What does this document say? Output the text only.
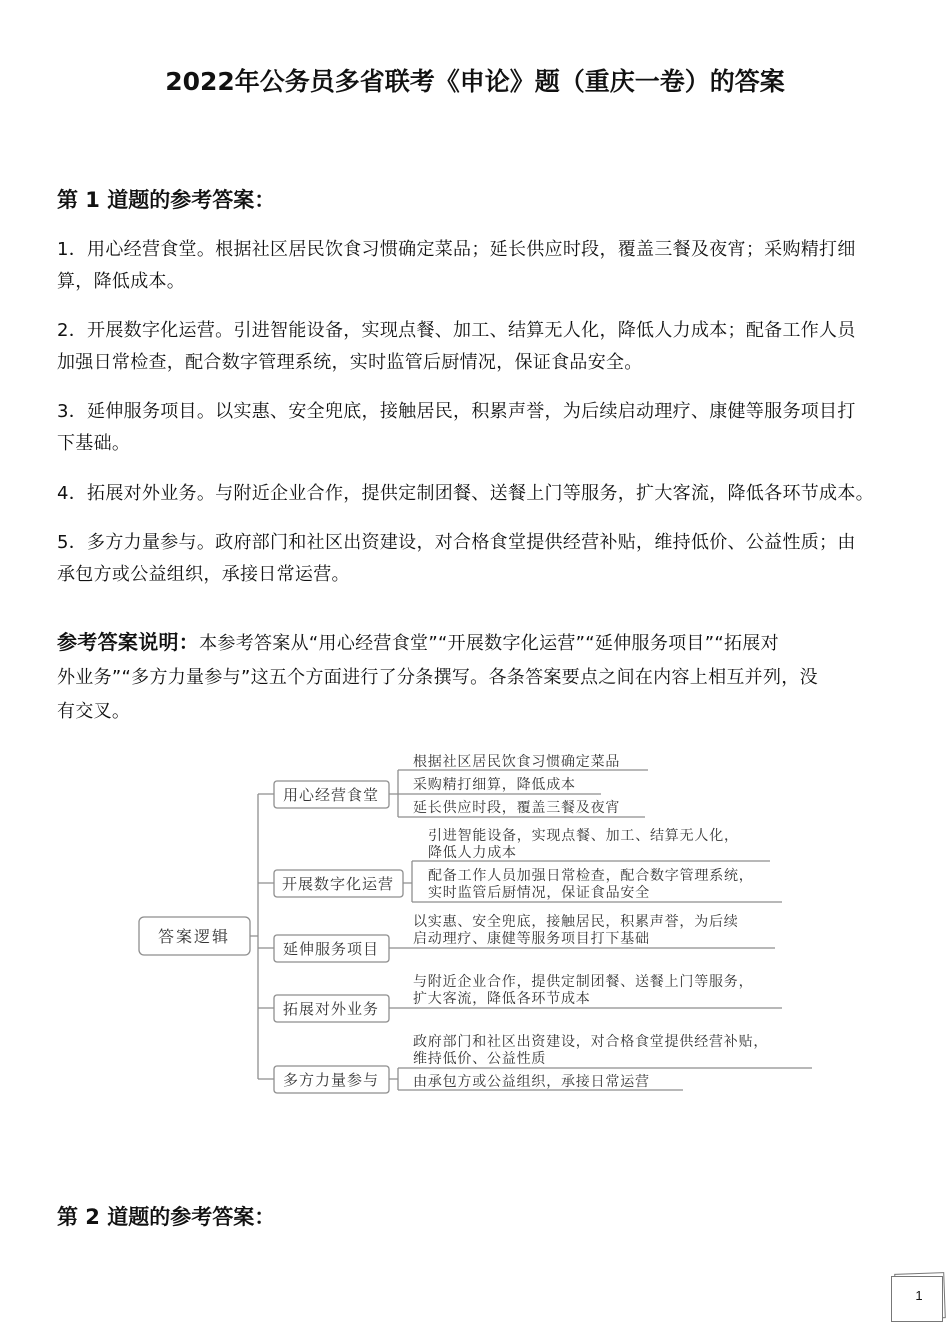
2022年公务员多省联考《申论》题（重庆一卷）的答案
第 1 道题的参考答案：
1．用心经营食堂。根据社区居民饮食习惯确定菜品；延长供应时段，覆盖三餐及夜宵；采购精打细
算，降低成本。
2．开展数字化运营。引进智能设备，实现点餐、加工、结算无人化，降低人力成本；配备工作人员
加强日常检查，配合数字管理系统，实时监管后厨情况，保证食品安全。
3．延伸服务项目。以实惠、安全兜底，接触居民，积累声誉，为后续启动理疗、康健等服务项目打
下基础。
4．拓展对外业务。与附近企业合作，提供定制团餐、送餐上门等服务，扩大客流，降低各环节成本。
5．多方力量参与。政府部门和社区出资建设，对合格食堂提供经营补贴，维持低价、公益性质；由
承包方或公益组织，承接日常运营。
参考答案说明：本参考答案从“用心经营食堂”“开展数字化运营”“延伸服务项目”“拓展对
外业务”“多方力量参与”这五个方面进行了分条撰写。各条答案要点之间在内容上相互并列，没
有交叉。
答案逻辑
用心经营食堂
根据社区居民饮食习惯确定菜品
采购精打细算，降低成本
延长供应时段，覆盖三餐及夜宵
开展数字化运营
引进智能设备，实现点餐、加工、结算无人化，
降低人力成本
配备工作人员加强日常检查，配合数字管理系统，
实时监管后厨情况，保证食品安全
延伸服务项目
以实惠、安全兜底，接触居民，积累声誉，为后续
启动理疗、康健等服务项目打下基础
拓展对外业务
与附近企业合作，提供定制团餐、送餐上门等服务，
扩大客流，降低各环节成本
多方力量参与
政府部门和社区出资建设，对合格食堂提供经营补贴，
维持低价、公益性质
由承包方或公益组织，承接日常运营
第 2 道题的参考答案：
1
